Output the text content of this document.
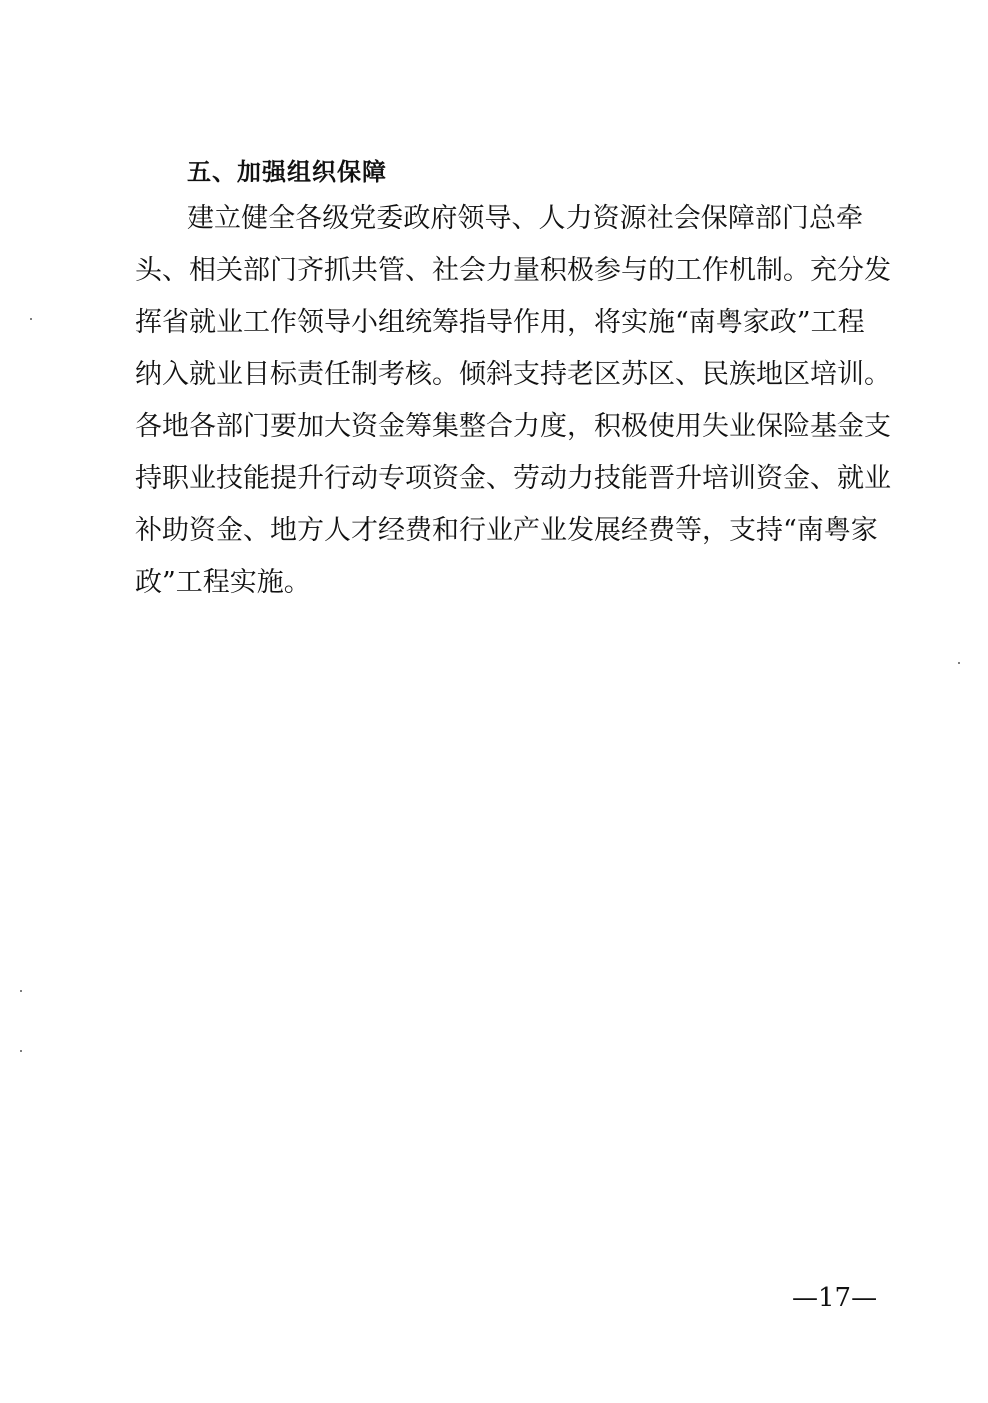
五、加强组织保障
建立健全各级党委政府领导、人力资源社会保障部门总牵
头、相关部门齐抓共管、社会力量积极参与的工作机制。充分发
挥省就业工作领导小组统筹指导作用，将实施“南粤家政”工程
纳入就业目标责任制考核。倾斜支持老区苏区、民族地区培训。
各地各部门要加大资金筹集整合力度，积极使用失业保险基金支
持职业技能提升行动专项资金、劳动力技能晋升培训资金、就业
补助资金、地方人才经费和行业产业发展经费等，支持“南粤家
政”工程实施。
—17—
